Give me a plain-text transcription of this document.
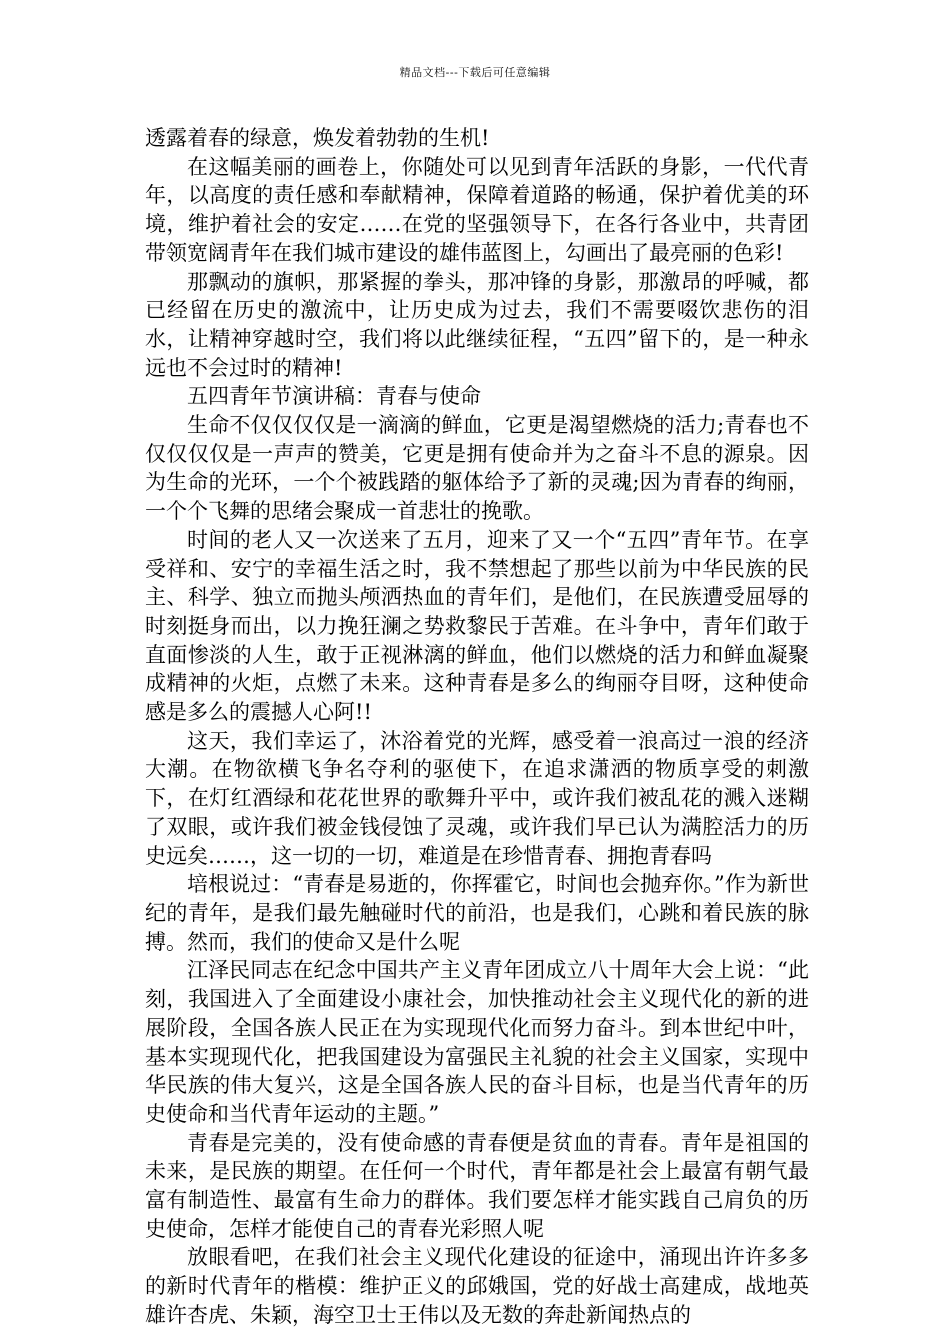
精品文档---下载后可任意编辑

透露着春的绿意，焕发着勃勃的生机!

在这幅美丽的画卷上，你随处可以见到青年活跃的身影，一代代青年，以高度的责任感和奉献精神，保障着道路的畅通，保护着优美的环境，维护着社会的安定……在党的坚强领导下，在各行各业中，共青团带领宽阔青年在我们城市建设的雄伟蓝图上，勾画出了最亮丽的色彩!

那飘动的旗帜，那紧握的拳头，那冲锋的身影，那激昂的呼喊，都已经留在历史的激流中，让历史成为过去，我们不需要啜饮悲伤的泪水，让精神穿越时空，我们将以此继续征程，“五四”留下的，是一种永远也不会过时的精神!

五四青年节演讲稿：青春与使命

生命不仅仅仅仅是一滴滴的鲜血，它更是渴望燃烧的活力;青春也不仅仅仅仅是一声声的赞美，它更是拥有使命并为之奋斗不息的源泉。因为生命的光环，一个个被践踏的躯体给予了新的灵魂;因为青春的绚丽，一个个飞舞的思绪会聚成一首悲壮的挽歌。

时间的老人又一次送来了五月，迎来了又一个“五四”青年节。在享受祥和、安宁的幸福生活之时，我不禁想起了那些以前为中华民族的民主、科学、独立而抛头颅洒热血的青年们，是他们，在民族遭受屈辱的时刻挺身而出，以力挽狂澜之势救黎民于苦难。在斗争中，青年们敢于直面惨淡的人生，敢于正视淋漓的鲜血，他们以燃烧的活力和鲜血凝聚成精神的火炬，点燃了未来。这种青春是多么的绚丽夺目呀，这种使命感是多么的震撼人心阿!!

这天，我们幸运了，沐浴着党的光辉，感受着一浪高过一浪的经济大潮。在物欲横飞争名夺利的驱使下，在追求潇洒的物质享受的刺激下，在灯红酒绿和花花世界的歌舞升平中，或许我们被乱花的溅入迷糊了双眼，或许我们被金钱侵蚀了灵魂，或许我们早已认为满腔活力的历史远矣……，这一切的一切，难道是在珍惜青春、拥抱青春吗

培根说过：“青春是易逝的，你挥霍它，时间也会抛弃你。”作为新世纪的青年，是我们最先触碰时代的前沿，也是我们，心跳和着民族的脉搏。然而，我们的使命又是什么呢

江泽民同志在纪念中国共产主义青年团成立八十周年大会上说：“此刻，我国进入了全面建设小康社会，加快推动社会主义现代化的新的进展阶段，全国各族人民正在为实现现代化而努力奋斗。到本世纪中叶，基本实现现代化，把我国建设为富强民主礼貌的社会主义国家，实现中华民族的伟大复兴，这是全国各族人民的奋斗目标，也是当代青年的历史使命和当代青年运动的主题。”

青春是完美的，没有使命感的青春便是贫血的青春。青年是祖国的未来，是民族的期望。在任何一个时代，青年都是社会上最富有朝气最富有制造性、最富有生命力的群体。我们要怎样才能实践自己肩负的历史使命，怎样才能使自己的青春光彩照人呢

放眼看吧，在我们社会主义现代化建设的征途中，涌现出许许多多的新时代青年的楷模：维护正义的邱娥国，党的好战士高建成，战地英雄许杏虎、朱颖，海空卫士王伟以及无数的奔赴新闻热点的
